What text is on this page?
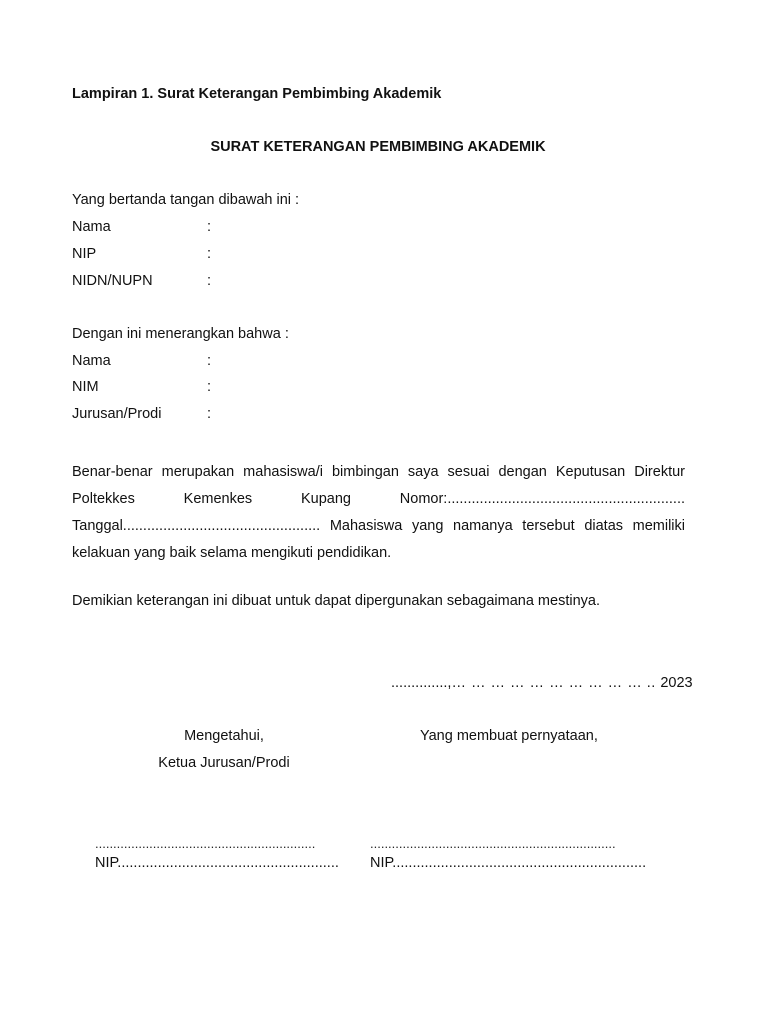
Lampiran 1. Surat Keterangan Pembimbing Akademik
SURAT KETERANGAN PEMBIMBING AKADEMIK
Yang bertanda tangan dibawah ini :
Nama	:
NIP	:
NIDN/NUPN	:
Dengan ini menerangkan bahwa :
Nama	:
NIM	:
Jurusan/Prodi	:
Benar-benar merupakan mahasiswa/i bimbingan saya sesuai dengan Keputusan Direktur
Poltekkes Kemenkes Kupang Nomor:...........................................................
Tanggal................................................. Mahasiswa yang namanya tersebut diatas memiliki
kelakuan yang baik selama mengikuti pendidikan.
Demikian keterangan ini dibuat untuk dapat dipergunakan sebagaimana mestinya.
..............,… … … … … … … … … … .. 2023
Mengetahui,
Ketua Jurusan/Prodi
Yang membuat pernyataan,
.............................................................
NIP.......................................................
....................................................................
NIP...............................................................
